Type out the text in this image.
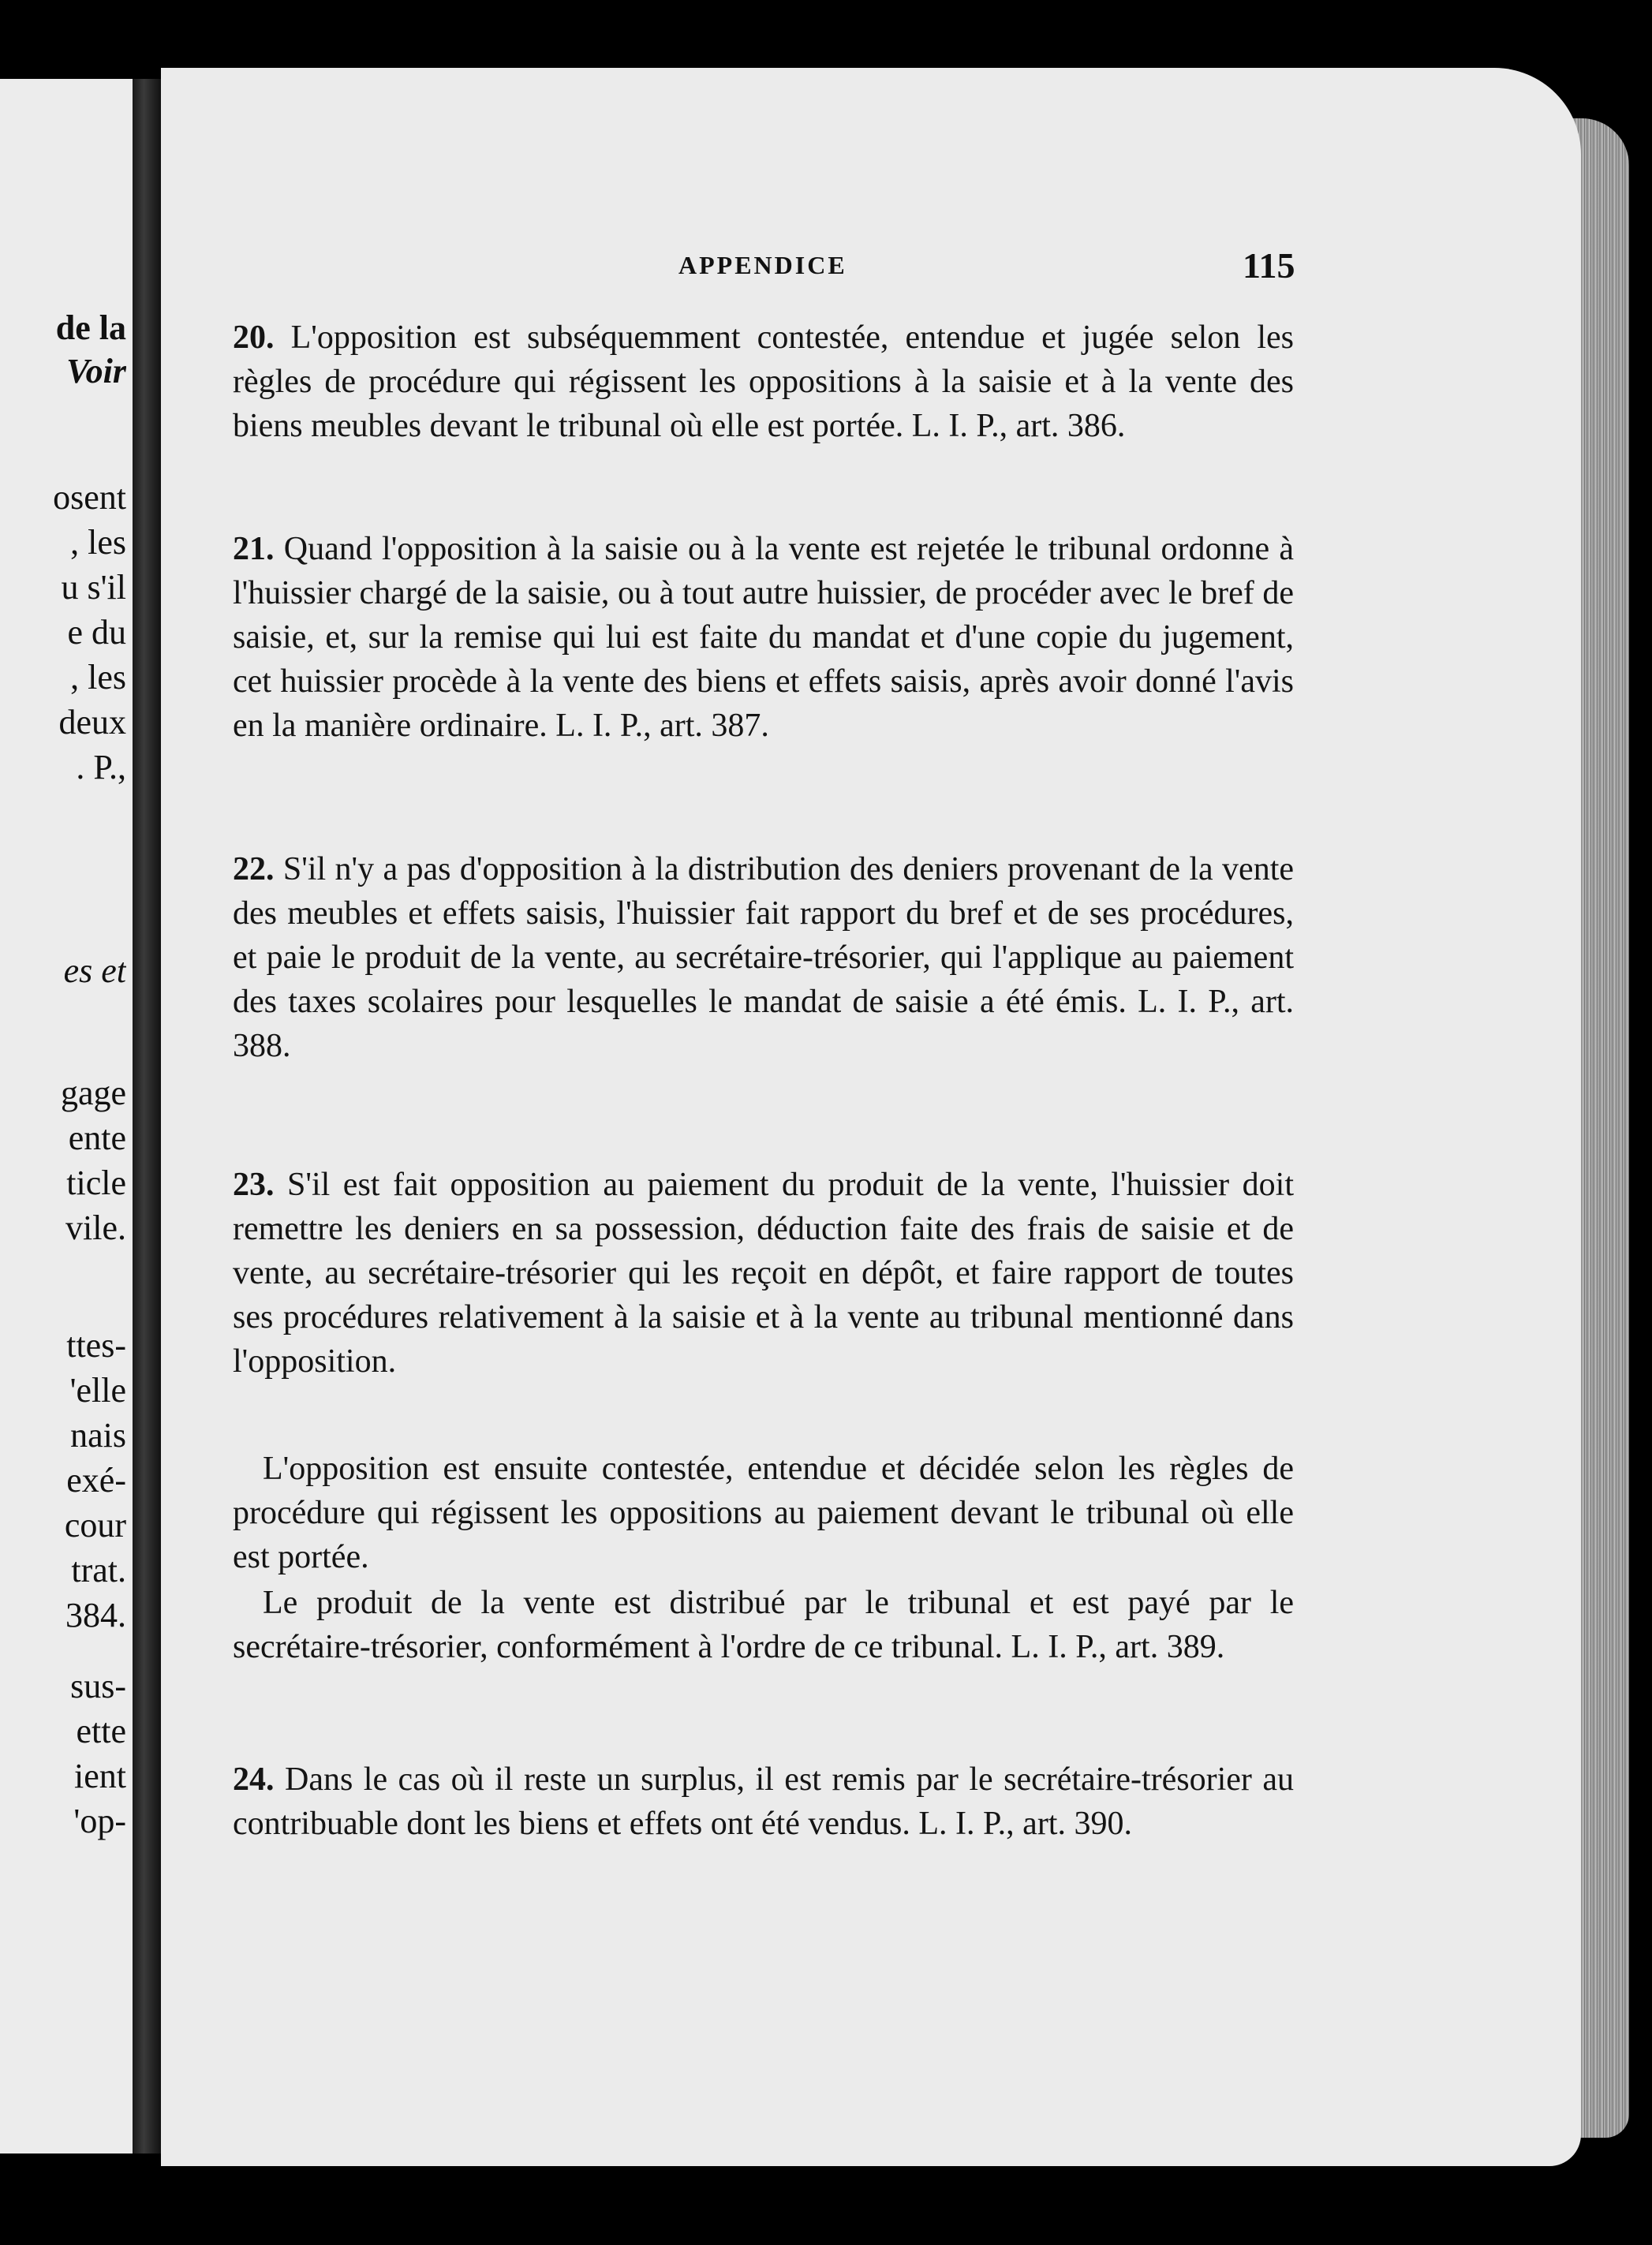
de la
Voir
osent
, les
u s'il
e du
, les
deux
. P.,
es et
gage
ente
ticle
vile.
ttes-
'elle
nais
exé-
cour
trat.
384.
sus-
ette
ient
'op-
APPENDICE	115

20. L'opposition est subséquemment contestée, entendue et jugée selon les règles de procédure qui régissent les oppositions à la saisie et à la vente des biens meubles devant le tribunal où elle est portée. L. I. P., art. 386.

21. Quand l'opposition à la saisie ou à la vente est rejetée le tribunal ordonne à l'huissier chargé de la saisie, ou à tout autre huissier, de procéder avec le bref de saisie, et, sur la remise qui lui est faite du mandat et d'une copie du jugement, cet huissier procède à la vente des biens et effets saisis, après avoir donné l'avis en la manière ordinaire. L. I. P., art. 387.

22. S'il n'y a pas d'opposition à la distribution des deniers provenant de la vente des meubles et effets saisis, l'huissier fait rapport du bref et de ses procédures, et paie le produit de la vente, au secrétaire-trésorier, qui l'applique au paiement des taxes scolaires pour lesquelles le mandat de saisie a été émis. L. I. P., art. 388.

23. S'il est fait opposition au paiement du produit de la vente, l'huissier doit remettre les deniers en sa possession, déduction faite des frais de saisie et de vente, au secrétaire-trésorier qui les reçoit en dépôt, et faire rapport de toutes ses procédures relativement à la saisie et à la vente au tribunal mentionné dans l'opposition.

L'opposition est ensuite contestée, entendue et décidée selon les règles de procédure qui régissent les oppositions au paiement devant le tribunal où elle est portée.

Le produit de la vente est distribué par le tribunal et est payé par le secrétaire-trésorier, conformément à l'ordre de ce tribunal. L. I. P., art. 389.

24. Dans le cas où il reste un surplus, il est remis par le secrétaire-trésorier au contribuable dont les biens et effets ont été vendus. L. I. P., art. 390.
